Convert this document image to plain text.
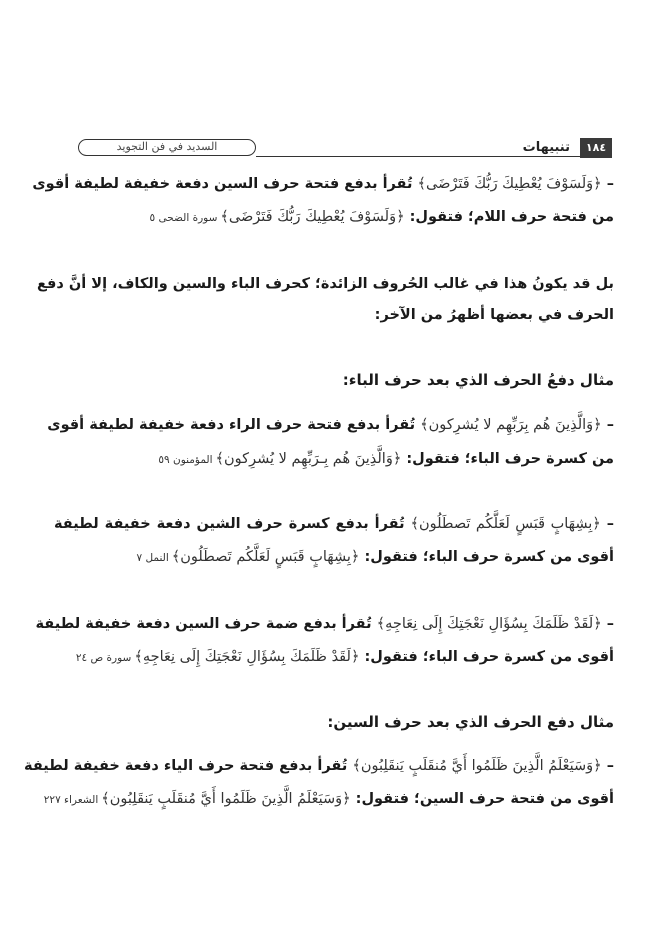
١٨٤
تنبيهات
السديد في فن التجويد
– ﴿وَلَسَوْفَ يُعْطِيكَ رَبُّكَ فَتَرْضَى﴾ تُقرأ بدفع فتحة حرف السين دفعة خفيفة لطيفة أقوى
من فتحة حرف اللام؛ فتقول: ﴿وَلَسَوْفَ يُعْطِيكَ رَبُّكَ فَتَرْضَى﴾سورة الضحى ٥
بل قد يكونُ هذا في غالب الحُروف الزائدة؛ كحرف الباء والسين والكاف، إلا أنَّ دفع
الحرف في بعضها أظهرُ من الآخر:
مثال دفعُ الحرف الذي بعد حرف الباء:
– ﴿وَالَّذِينَ هُم بِرَبِّهِم لا يُشرِكون﴾ تُقرأ بدفع فتحة حرف الراء دفعة خفيفة لطيفة أقوى
من كسرة حرف الباء؛ فتقول: ﴿وَالَّذِينَ هُم بِـرَبِّهِم لا يُشرِكون﴾المؤمنون ٥٩
– ﴿بِشِهَابٍ قَبَسٍ لَعَلَّكُم تَصطَلُون﴾ تُقرأ بدفع كسرة حرف الشين دفعة خفيفة لطيفة
أقوى من كسرة حرف الباء؛ فتقول: ﴿بِشِهَابٍ قَبَسٍ لَعَلَّكُم تَصطَلُون﴾النمل ٧
– ﴿لَقَدْ ظَلَمَكَ بِسُؤَالِ نَعْجَتِكَ إِلَى نِعَاجِهِ﴾ تُقرأ بدفع ضمة حرف السين دفعة خفيفة لطيفة
أقوى من كسرة حرف الباء؛ فتقول: ﴿لَقَدْ ظَلَمَكَ بِسُؤَالِ نَعْجَتِكَ إِلَى نِعَاجِهِ﴾سورة ص ٢٤
مثال دفع الحرف الذي بعد حرف السين:
– ﴿وَسَيَعْلَمُ الَّذِينَ ظَلَمُوا أَيَّ مُنقَلَبٍ يَنقَلِبُون﴾ تُقرأ بدفع فتحة حرف الياء دفعة خفيفة لطيفة
أقوى من فتحة حرف السين؛ فتقول: ﴿وَسَيَعْلَمُ الَّذِينَ ظَلَمُوا أَيَّ مُنقَلَبٍ يَنقَلِبُون﴾الشعراء ٢٢٧
